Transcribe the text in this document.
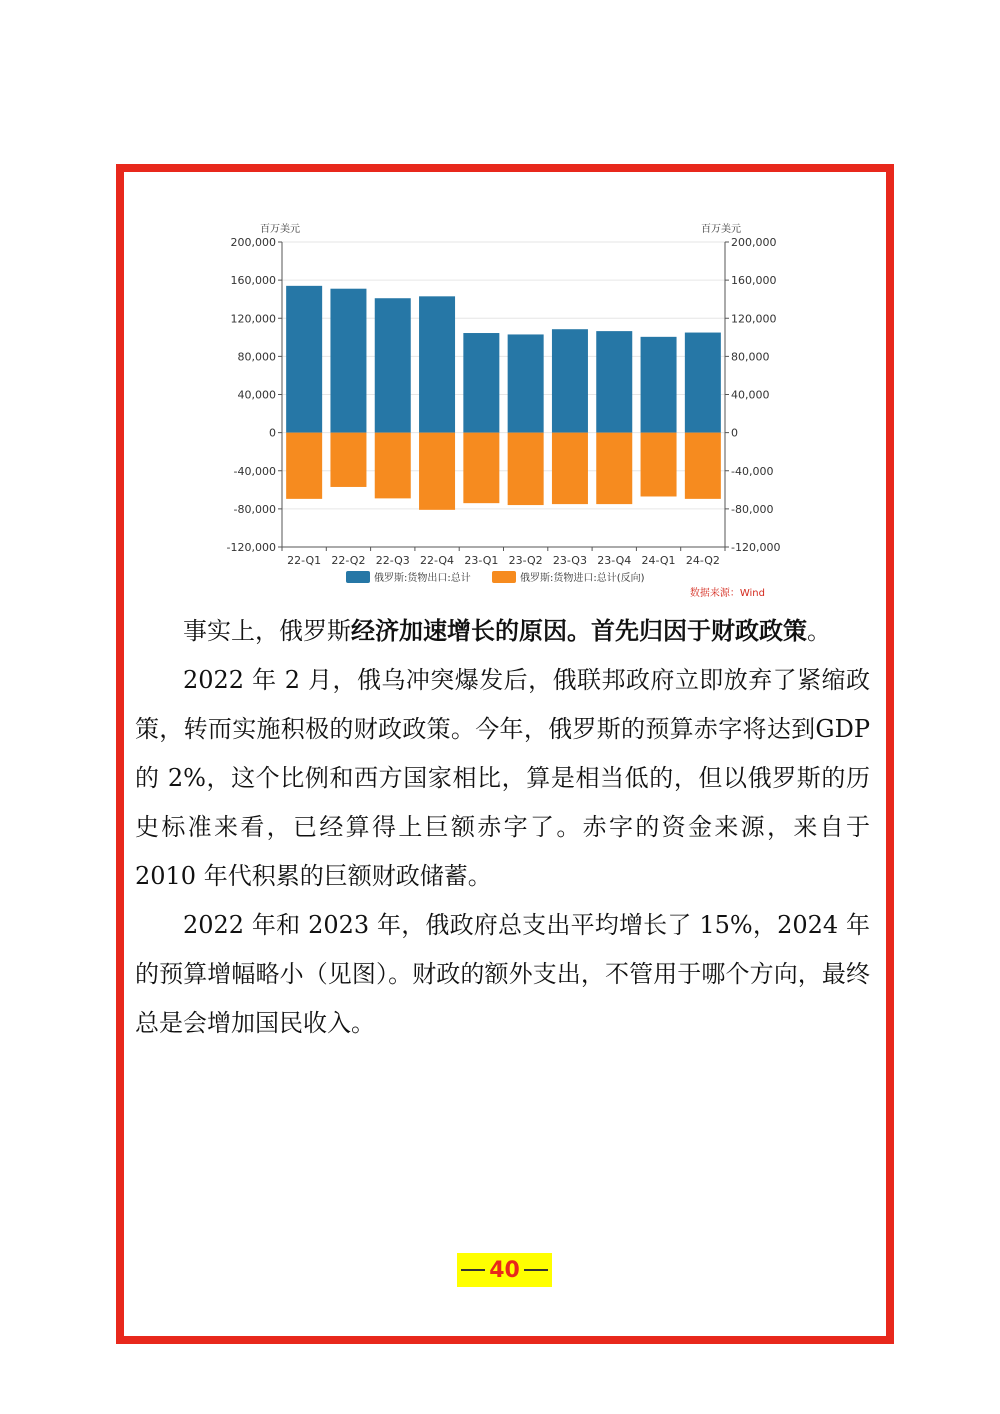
200,000
160,000
120,000
80,000
40,000
0
-40,000
-80,000
-120,000
200,000
160,000
120,000
80,000
40,000
0
-40,000
-80,000
-120,000
22-Q1 22-Q2 22-Q3 22-Q4 23-Q1 23-Q2 23-Q3 23-Q4 24-Q1 24-Q2
百万美元	百万美元
俄罗斯:货物出口:总计	俄罗斯:货物进口:总计(反向)
数据来源：Wind

事实上，俄罗斯经济加速增长的原因。首先归因于财政政策。

2022 年 2 月，俄乌冲突爆发后，俄联邦政府立即放弃了紧缩政策，转而实施积极的财政政策。今年，俄罗斯的预算赤字将达到GDP 的 2%，这个比例和西方国家相比，算是相当低的，但以俄罗斯的历史标准来看，已经算得上巨额赤字了。赤字的资金来源，来自于 2010 年代积累的巨额财政储蓄。

2022 年和 2023 年，俄政府总支出平均增长了 15%，2024 年的预算增幅略小（见图）。财政的额外支出，不管用于哪个方向，最终总是会增加国民收入。

40
